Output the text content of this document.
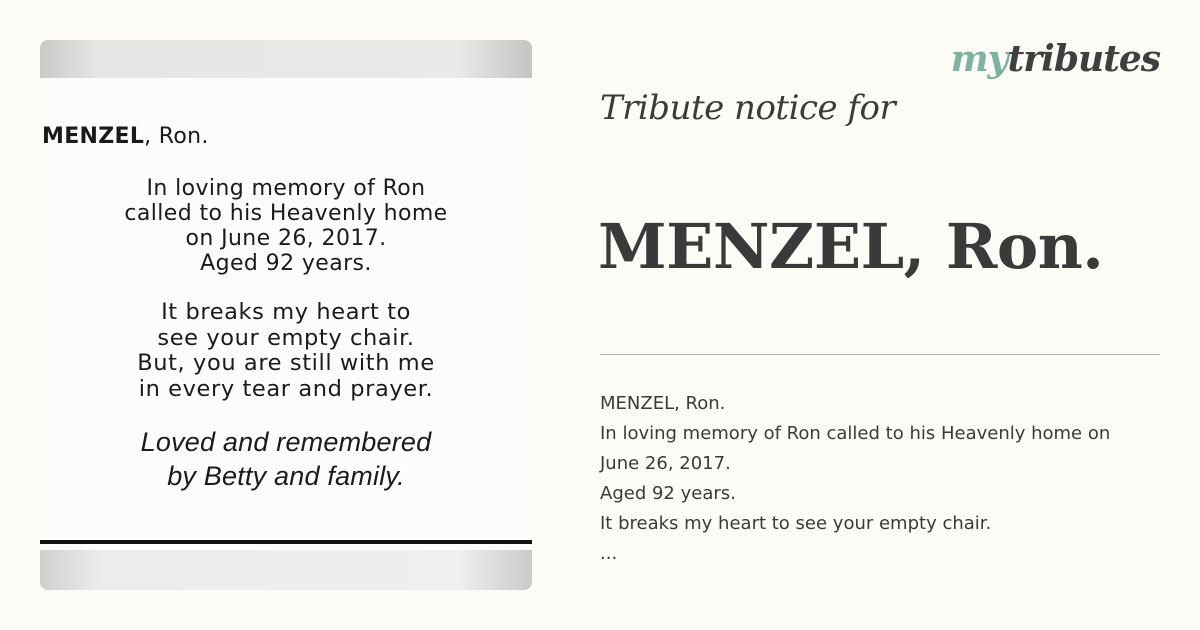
MENZEL, Ron.
In loving memory of Ron
called to his Heavenly home
on June 26, 2017.
Aged 92 years.
It breaks my heart to
see your empty chair.
But, you are still with me
in every tear and prayer.
Loved and remembered
by Betty and family.
mytributes
Tribute notice for
MENZEL, Ron.
MENZEL, Ron.
In loving memory of Ron called to his Heavenly home on
June 26, 2017.
Aged 92 years.
It breaks my heart to see your empty chair.
...
